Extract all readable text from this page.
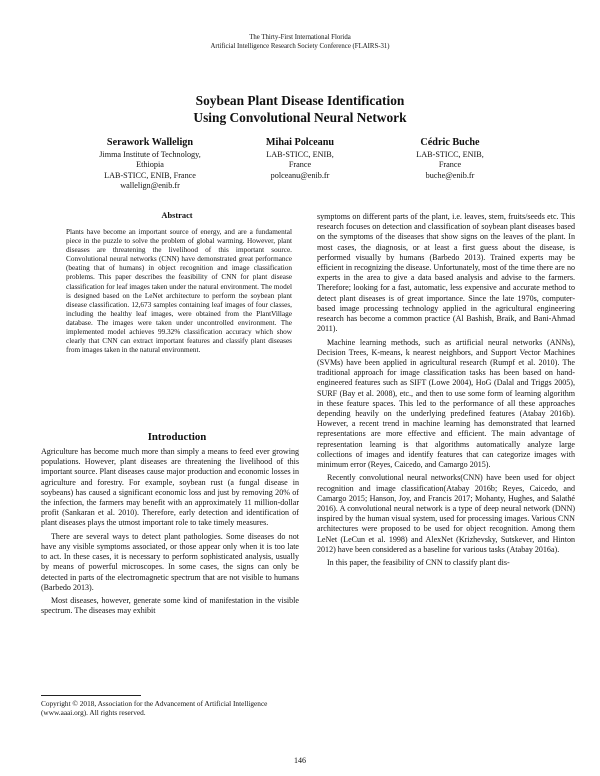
The Thirty-First International Florida
Artificial Intelligence Research Society Conference (FLAIRS-31)
Soybean Plant Disease Identification
Using Convolutional Neural Network
Serawork Wallelign
Jimma Institute of Technology,
Ethiopia
LAB-STICC, ENIB, France
wallelign@enib.fr
Mihai Polceanu
LAB-STICC, ENIB,
France
polceanu@enib.fr
Cédric Buche
LAB-STICC, ENIB,
France
buche@enib.fr
Abstract

Plants have become an important source of energy, and are a fundamental piece in the puzzle to solve the problem of global warming. However, plant diseases are threatening the livelihood of this important source. Convolutional neural networks (CNN) have demonstrated great performance (beating that of humans) in object recognition and image classification problems. This paper describes the feasibility of CNN for plant disease classification for leaf images taken under the natural environment. The model is designed based on the LeNet architecture to perform the soybean plant disease classification. 12,673 samples containing leaf images of four classes, including the healthy leaf images, were obtained from the PlantVillage database. The images were taken under uncontrolled environment. The implemented model achieves 99.32% classification accuracy which show clearly that CNN can extract important features and classify plant diseases from images taken in the natural environment.

Introduction

Agriculture has become much more than simply a means to feed ever growing populations. However, plant diseases are threatening the livelihood of this important source. Plant diseases cause major production and economic losses in agriculture and forestry. For example, soybean rust (a fungal disease in soybeans) has caused a significant economic loss and just by removing 20% of the infection, the farmers may benefit with an approximately 11 million-dollar profit (Sankaran et al. 2010). Therefore, early detection and identification of plant diseases plays the utmost important role to take timely measures.

There are several ways to detect plant pathologies. Some diseases do not have any visible symptoms associated, or those appear only when it is too late to act. In these cases, it is necessary to perform sophisticated analysis, usually by means of powerful microscopes. In some cases, the signs can only be detected in parts of the electromagnetic spectrum that are not visible to humans (Barbedo 2013).

Most diseases, however, generate some kind of manifestation in the visible spectrum. The diseases may exhibit

Copyright © 2018, Association for the Advancement of Artificial Intelligence (www.aaai.org). All rights reserved.

symptoms on different parts of the plant, i.e. leaves, stem, fruits/seeds etc. This research focuses on detection and classification of soybean plant diseases based on the symptoms of the diseases that show signs on the leaves of the plant. In most cases, the diagnosis, or at least a first guess about the disease, is performed visually by humans (Barbedo 2013). Trained experts may be efficient in recognizing the disease. Unfortunately, most of the time there are no experts in the area to give a data based analysis and advise to the farmers. Therefore; looking for a fast, automatic, less expensive and accurate method to detect plant diseases is of great importance. Since the late 1970s, computer-based image processing technology applied in the agricultural engineering research has become a common practice (Al Bashish, Braik, and Bani-Ahmad 2011).

Machine learning methods, such as artificial neural networks (ANNs), Decision Trees, K-means, k nearest neighbors, and Support Vector Machines (SVMs) have been applied in agricultural research (Rumpf et al. 2010). The traditional approach for image classification tasks has been based on hand-engineered features such as SIFT (Lowe 2004), HoG (Dalal and Triggs 2005), SURF (Bay et al. 2008), etc., and then to use some form of learning algorithm in these feature spaces. This led to the performance of all these approaches depending heavily on the underlying predefined features (Atabay 2016b). However, a recent trend in machine learning has demonstrated that learned representations are more effective and efficient. The main advantage of representation learning is that algorithms automatically analyze large collections of images and identify features that can categorize images with minimum error (Reyes, Caicedo, and Camargo 2015).

Recently convolutional neural networks(CNN) have been used for object recognition and image classification(Atabay 2016b; Reyes, Caicedo, and Camargo 2015; Hanson, Joy, and Francis 2017; Mohanty, Hughes, and Salathé 2016). A convolutional neural network is a type of deep neural network (DNN) inspired by the human visual system, used for processing images. Various CNN architectures were proposed to be used for object recognition. Among them LeNet (LeCun et al. 1998) and AlexNet (Krizhevsky, Sutskever, and Hinton 2012) have been considered as a baseline for various tasks (Atabay 2016a).

In this paper, the feasibility of CNN to classify plant dis-

146
